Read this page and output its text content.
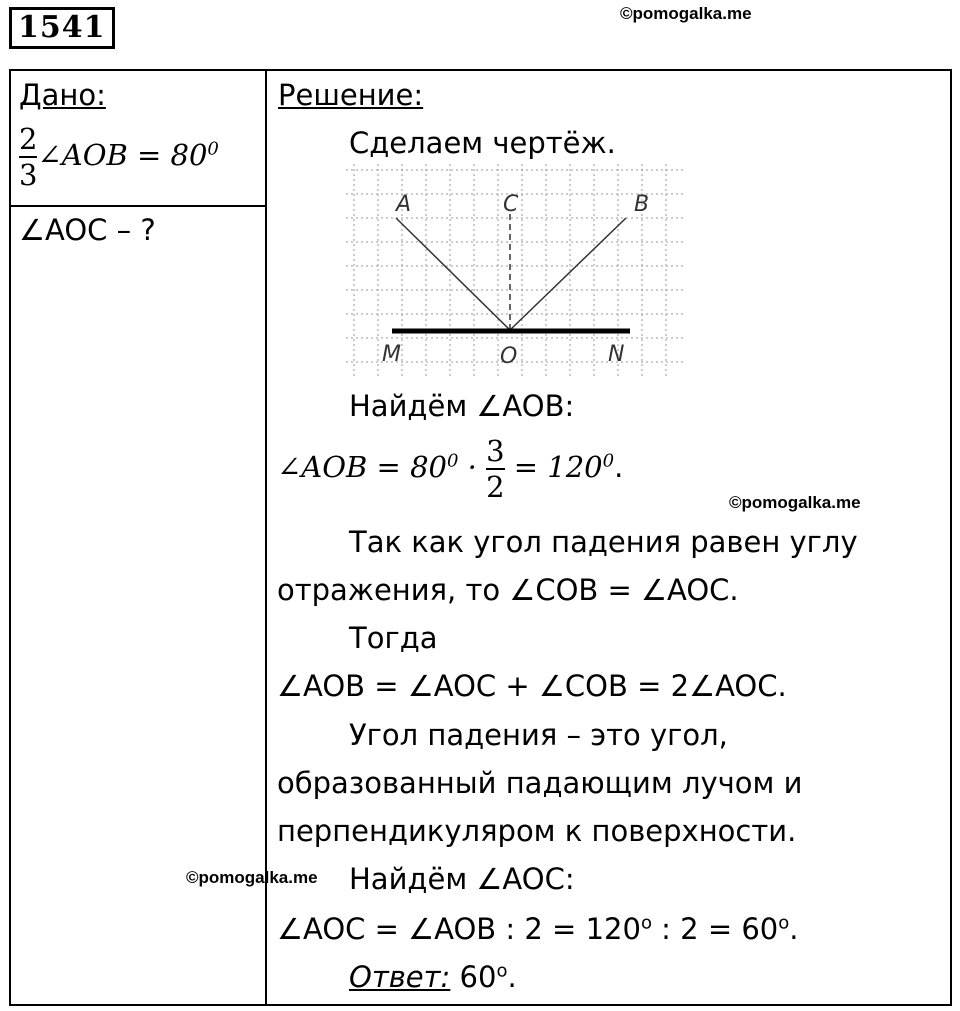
1541	©pomogalka.me
Дано:
$\frac{2}{3}$ ∠AOB = $80^0$
∠AOC – ?
Решение:
Сделаем чертёж.
A	C	B
M	O	N
Найдём ∠AOB:
∠AOB = $80^0 \cdot \frac{3}{2} = 120^0$.
©pomogalka.me
Так как угол падения равен углу
отражения, то ∠COB = ∠AOC.
Тогда
∠AOB = ∠AOC + ∠COB = 2∠AOC.
Угол падения – это угол,
образованный падающим лучом и
перпендикуляром к поверхности.
©pomogalka.me Найдём ∠AOC:
∠AOC = ∠AOB : $2 = 120^o$ : $2 = 60^o$.
Ответ: 60$^o$.
